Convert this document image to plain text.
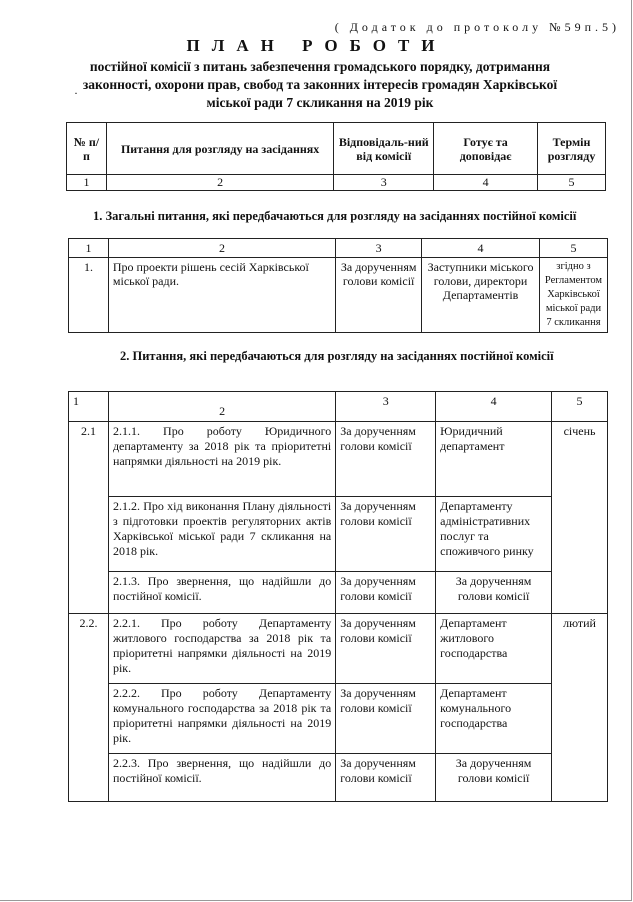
( Додаток до протоколу №59п.5)
ПЛАН РОБОТИ
постійної комісії з питань забезпечення громадського порядку, дотримання законності, охорони прав, свобод та законних інтересів громадян Харківської міської ради 7 скликання на 2019 рік
·
№ п/п	Питання для розгляду на засіданнях	Відповідаль-ний від комісії	Готує та доповідає	Термін розгляду
1	2	3	4	5
1. Загальні питання, які передбачаються для розгляду на засіданнях постійної комісії
1	2	3	4	5
1.	Про проекти рішень сесій Харківської міської ради.	За дорученням голови комісії	Заступники міського голови, директори Департаментів	згідно з Регламентом Харківської міської ради 7 скликання
2. Питання, які передбачаються для розгляду на засіданнях постійної комісії
1	2	3	4	5
2.1	2.1.1. Про роботу Юридичного департаменту за 2018 рік та пріоритетні напрямки діяльності на 2019 рік.	За дорученням голови комісії	Юридичний департамент	січень
	2.1.2. Про хід виконання Плану діяльності з підготовки проектів регуляторних актів Харківської міської ради 7 скликання на 2018 рік.	За дорученням голови комісії	Департаменту адміністративних послуг та споживчого ринку	
	2.1.3. Про звернення, що надійшли до постійної комісії.	За дорученням голови комісії	За дорученням голови комісії	
2.2.	2.2.1. Про роботу Департаменту житлового господарства за 2018 рік та пріоритетні напрямки діяльності на 2019 рік.	За дорученням голови комісії	Департамент житлового господарства	лютий
	2.2.2. Про роботу Департаменту комунального господарства за 2018 рік та пріоритетні напрямки діяльності на 2019 рік.	За дорученням голови комісії	Департамент комунального господарства	
	2.2.3. Про звернення, що надійшли до постійної комісії.	За дорученням голови комісії	За дорученням голови комісії	
